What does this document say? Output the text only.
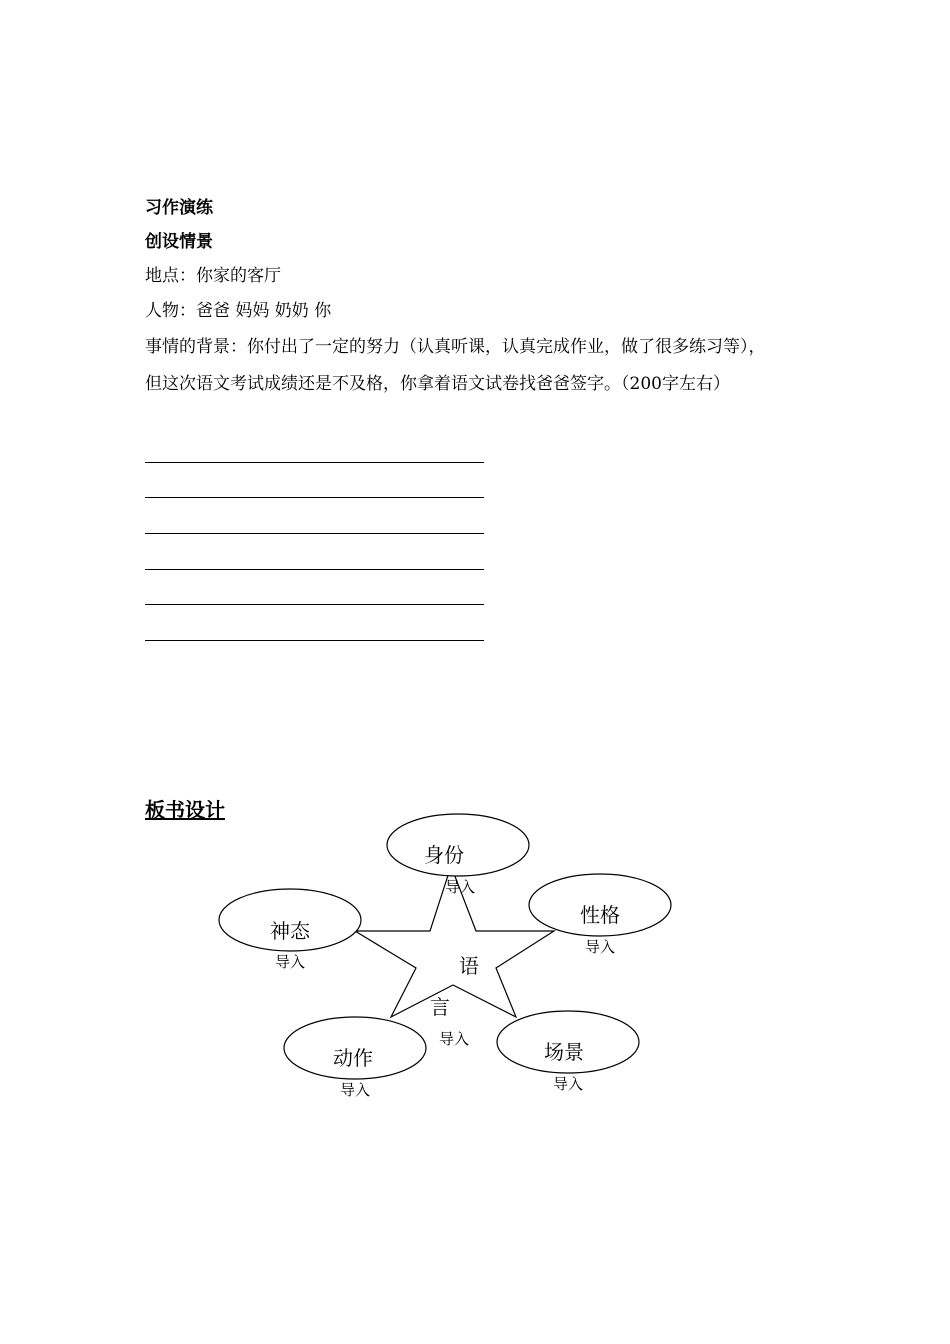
习作演练
创设情景
地点：你家的客厅
人物：爸爸 妈妈 奶奶 你
事情的背景：你付出了一定的努力（认真听课，认真完成作业，做了很多练习等），
但这次语文考试成绩还是不及格，你拿着语文试卷找爸爸签字。（200字左右）
板书设计
语
言
导入
身份
导入
性格
导入
神态
导入
动作
导入
场景
导入
